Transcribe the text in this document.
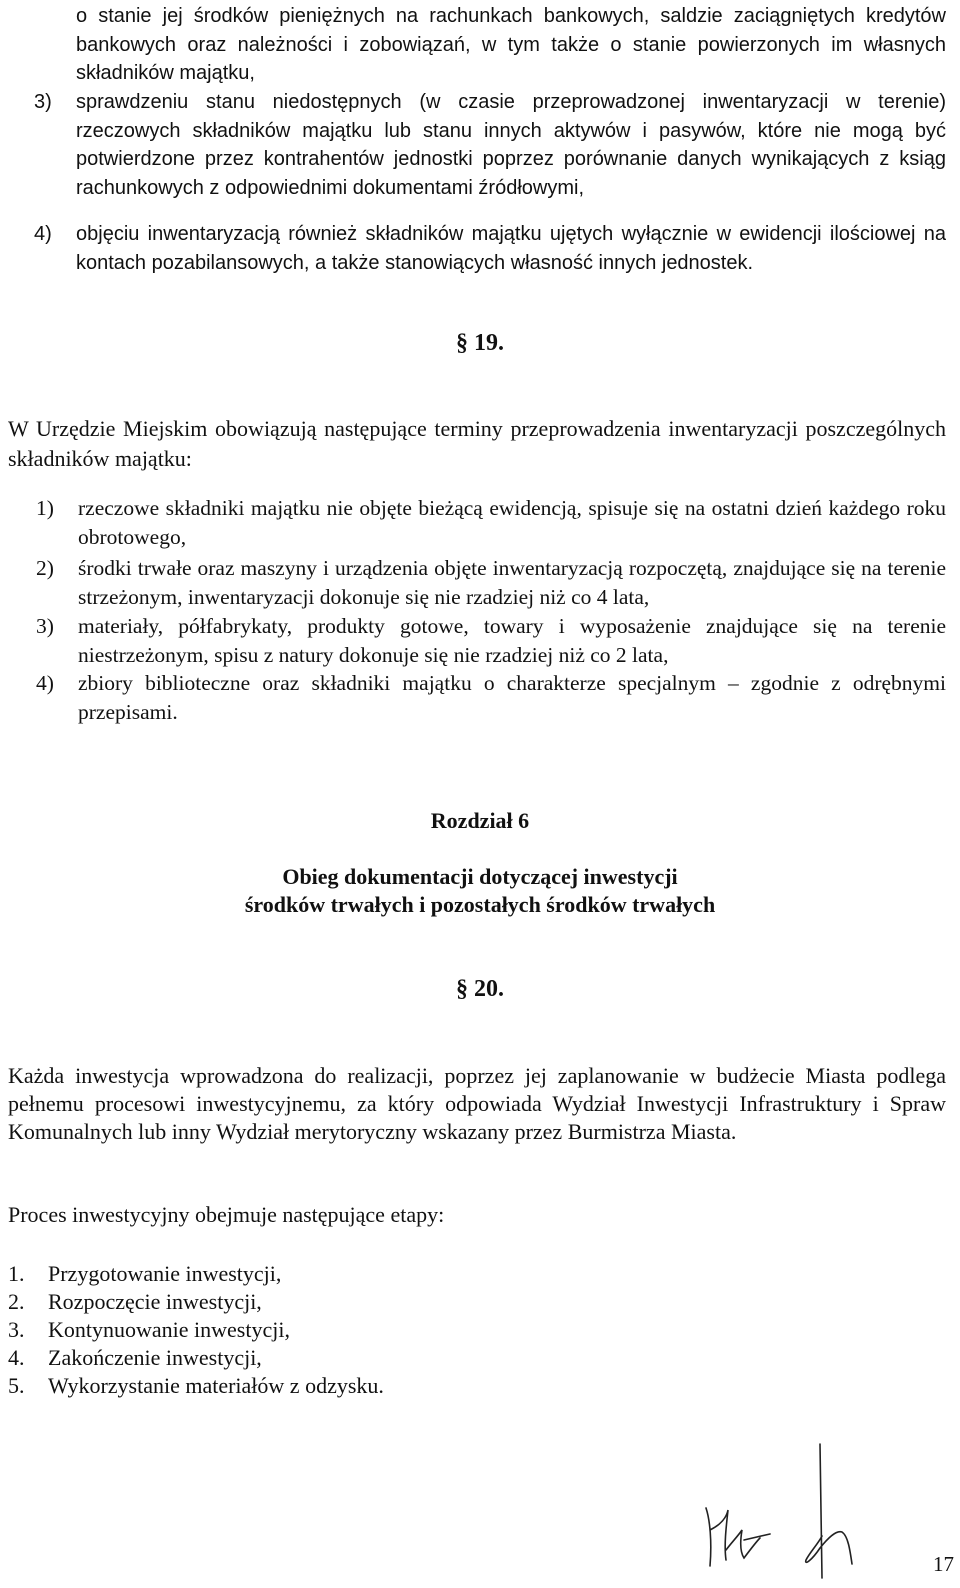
o stanie jej środków pieniężnych na rachunkach bankowych, saldzie zaciągniętych kredytów bankowych oraz należności i zobowiązań, w tym także o stanie powierzonych im własnych składników majątku,
3) sprawdzeniu stanu niedostępnych (w czasie przeprowadzonej inwentaryzacji w terenie) rzeczowych składników majątku lub stanu innych aktywów i pasywów, które nie mogą być potwierdzone przez kontrahentów jednostki poprzez porównanie danych wynikających z ksiąg rachunkowych z odpowiednimi dokumentami źródłowymi,
4) objęciu inwentaryzacją również składników majątku ujętych wyłącznie w ewidencji ilościowej na kontach pozabilansowych, a także stanowiących własność innych jednostek.
§ 19.
W Urzędzie Miejskim obowiązują następujące terminy przeprowadzenia inwentaryzacji poszczególnych składników majątku:
1) rzeczowe składniki majątku nie objęte bieżącą ewidencją, spisuje się na ostatni dzień każdego roku obrotowego,
2) środki trwałe oraz maszyny i urządzenia objęte inwentaryzacją rozpoczętą, znajdujące się na terenie strzeżonym, inwentaryzacji dokonuje się nie rzadziej niż co 4 lata,
3) materiały, półfabrykaty, produkty gotowe, towary i wyposażenie znajdujące się na terenie niestrzeżonym, spisu z natury dokonuje się nie rzadziej niż co 2 lata,
4) zbiory biblioteczne oraz składniki majątku o charakterze specjalnym – zgodnie z odrębnymi przepisami.
Rozdział 6
Obieg dokumentacji dotyczącej inwestycji
środków trwałych i pozostałych środków trwałych
§ 20.
Każda inwestycja wprowadzona do realizacji, poprzez jej zaplanowanie w budżecie Miasta podlega pełnemu procesowi inwestycyjnemu, za który odpowiada Wydział Inwestycji Infrastruktury i Spraw Komunalnych lub inny Wydział merytoryczny wskazany przez Burmistrza Miasta.
Proces inwestycyjny obejmuje następujące etapy:
1. Przygotowanie inwestycji,
2. Rozpoczęcie inwestycji,
3. Kontynuowanie inwestycji,
4. Zakończenie inwestycji,
5. Wykorzystanie materiałów z odzysku.
17
